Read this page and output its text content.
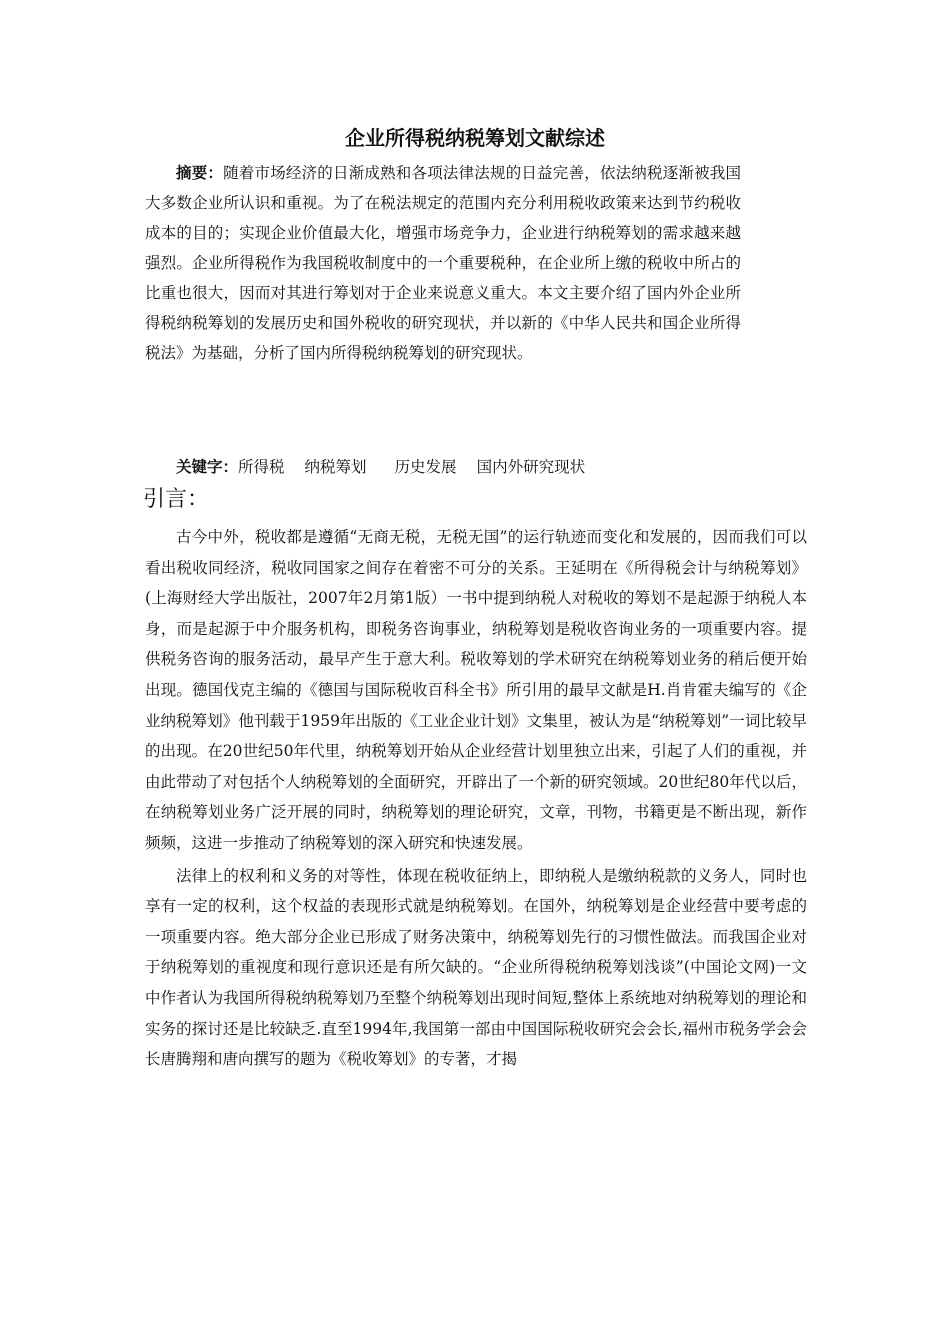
企业所得税纳税筹划文献综述

摘要：随着市场经济的日渐成熟和各项法律法规的日益完善，依法纳税逐渐被我国大多数企业所认识和重视。为了在税法规定的范围内充分利用税收政策来达到节约税收成本的目的；实现企业价值最大化，增强市场竞争力，企业进行纳税筹划的需求越来越强烈。企业所得税作为我国税收制度中的一个重要税种，在企业所上缴的税收中所占的比重也很大，因而对其进行筹划对于企业来说意义重大。本文主要介绍了国内外企业所得税纳税筹划的发展历史和国外税收的研究现状，并以新的《中华人民共和国企业所得税法》为基础，分析了国内所得税纳税筹划的研究现状。

关键字：所得税 纳税筹划 历史发展 国内外研究现状

引言：

古今中外，税收都是遵循“无商无税，无税无国”的运行轨迹而变化和发展的，因而我们可以看出税收同经济，税收同国家之间存在着密不可分的关系。王延明在《所得税会计与纳税筹划》(上海财经大学出版社，2007年2月第1版）一书中提到纳税人对税收的筹划不是起源于纳税人本身，而是起源于中介服务机构，即税务咨询事业，纳税筹划是税收咨询业务的一项重要内容。提供税务咨询的服务活动，最早产生于意大利。税收筹划的学术研究在纳税筹划业务的稍后便开始出现。德国伐克主编的《德国与国际税收百科全书》所引用的最早文献是H.肖肯霍夫编写的《企业纳税筹划》他刊载于1959年出版的《工业企业计划》文集里，被认为是“纳税筹划”一词比较早的出现。在20世纪50年代里，纳税筹划开始从企业经营计划里独立出来，引起了人们的重视，并由此带动了对包括个人纳税筹划的全面研究，开辟出了一个新的研究领域。20世纪80年代以后，在纳税筹划业务广泛开展的同时，纳税筹划的理论研究，文章，刊物，书籍更是不断出现，新作频频，这进一步推动了纳税筹划的深入研究和快速发展。

法律上的权利和义务的对等性，体现在税收征纳上，即纳税人是缴纳税款的义务人，同时也享有一定的权利，这个权益的表现形式就是纳税筹划。在国外，纳税筹划是企业经营中要考虑的一项重要内容。绝大部分企业已形成了财务决策中，纳税筹划先行的习惯性做法。而我国企业对于纳税筹划的重视度和现行意识还是有所欠缺的。“企业所得税纳税筹划浅谈”(中国论文网)一文中作者认为我国所得税纳税筹划乃至整个纳税筹划出现时间短,整体上系统地对纳税筹划的理论和实务的探讨还是比较缺乏.直至1994年,我国第一部由中国国际税收研究会会长,福州市税务学会会长唐腾翔和唐向撰写的题为《税收筹划》的专著，才揭
